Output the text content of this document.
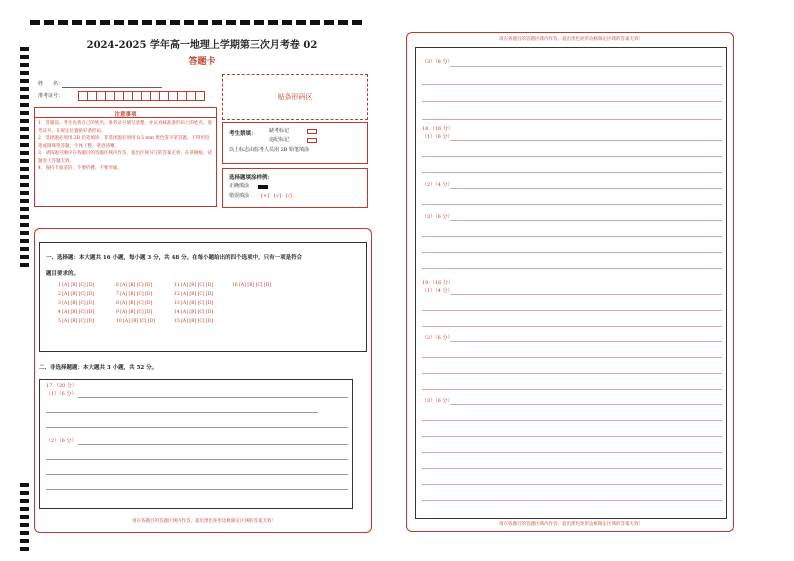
2024-2025 学年高一地理上学期第三次月考卷 02
答题卡
姓　　名：
准考证号：
注意事项
1．答题前，考生先将自己的姓名，准考证号填写清楚，并认真核准条形码上的姓名、准考证号，在规定位置贴好条形码。
2．选择题必须用 2B 铅笔填涂；非选择题必须用 0.5 mm 黑色签字笔答题，不得用铅笔或圆珠笔答题；字体工整、笔迹清晰。
3．请按题号顺序在各题目的答题区域内作答，超出区域书写的答案无效；在草稿纸、试题卷上答题无效。
4．保持卡面清洁，不要折叠、不要弄破。
贴条形码区
考生禁填： 缺考标记
违纪标记
以上标志由监考人员用 2B 铅笔填涂
选择题填涂样例：
正确填涂
错误填涂 [×]　[√]　[/]
一、选择题：本大题共 16 小题，每小题 3 分，共 48 分。在每小题给出的四个选项中，只有一项是符合
题目要求的。
1 [A] [B] [C] [D]	6 [A] [B] [C] [D]	11 [A] [B] [C] [D]	16 [A] [B] [C] [D]
2 [A] [B] [C] [D]	7 [A] [B] [C] [D]	12 [A] [B] [C] [D]
3 [A] [B] [C] [D]	8 [A] [B] [C] [D]	13 [A] [B] [C] [D]
4 [A] [B] [C] [D]	9 [A] [B] [C] [D]	14 [A] [B] [C] [D]
5 [A] [B] [C] [D]	10 [A] [B] [C] [D]	15 [A] [B] [C] [D]
二、非选择题题：本大题共 3 小题，共 52 分。
17.（20 分）
（1）（6 分）
（2）（6 分）
请在各题目的答题区域内作答，超出黑色矩形边框限定区域的答案无效！
请在各题目的答题区域内作答，超出黑色矩形边框限定区域的答案无效！
（3）（8 分）
18.（16 分）
（1）（6 分）
（2）（4 分）
（3）（6 分）
19.（16 分）
（1）（4 分）
（2）（6 分）
（3）（6 分）
请在各题目的答题区域内作答，超出黑色矩形边框限定区域的答案无效！
